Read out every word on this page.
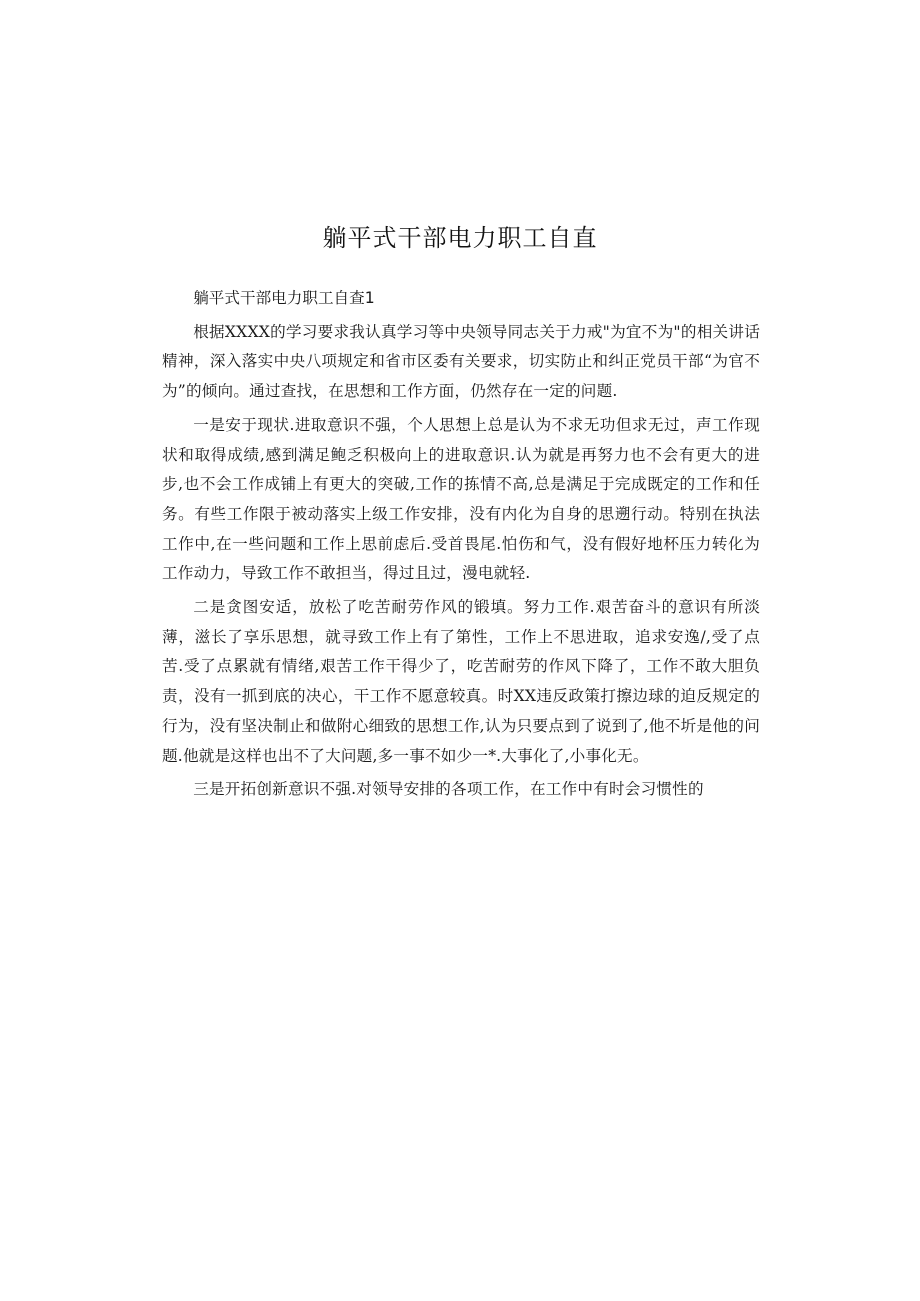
躺平式干部电力职工自直

躺平式干部电力职工自查1

根据XXXX的学习要求我认真学习等中央领导同志关于力戒"为宜不为"的相关讲话精神，深入落实中央八项规定和省市区委有关要求，切实防止和纠正党员干部“为官不为”的倾向。通过查找，在思想和工作方面，仍然存在一定的问题.

一是安于现状.进取意识不强，个人思想上总是认为不求无功但求无过，声工作现状和取得成绩,感到满足鲍乏积极向上的进取意识.认为就是再努力也不会有更大的进步,也不会工作成铺上有更大的突破,工作的拣情不高,总是满足于完成既定的工作和任务。有些工作限于被动落实上级工作安排，没有内化为自身的思遡行动。特别在执法工作中,在一些问题和工作上思前虑后.受首畏尾.怕伤和气，没有假好地杯压力转化为工作动力，导致工作不敢担当，得过且过，漫电就轻.

二是贪图安适，放松了吃苦耐劳作风的锻填。努力工作.艰苦奋斗的意识有所淡薄，滋长了享乐思想，就寻致工作上有了第性，工作上不思进取，追求安逸/,受了点苦.受了点累就有情绪,艰苦工作干得少了，吃苦耐劳的作风下降了，工作不敢大胆负责，没有一抓到底的决心，干工作不愿意较真。时XX违反政策打擦边球的迫反规定的行为，没有坚决制止和做附心细致的思想工作,认为只要点到了说到了,他不圻是他的问题.他就是这样也出不了大问题,多一事不如少一*.大事化了,小事化无。

三是开拓创新意识不强.对领导安排的各项工作，在工作中有时会习惯性的
